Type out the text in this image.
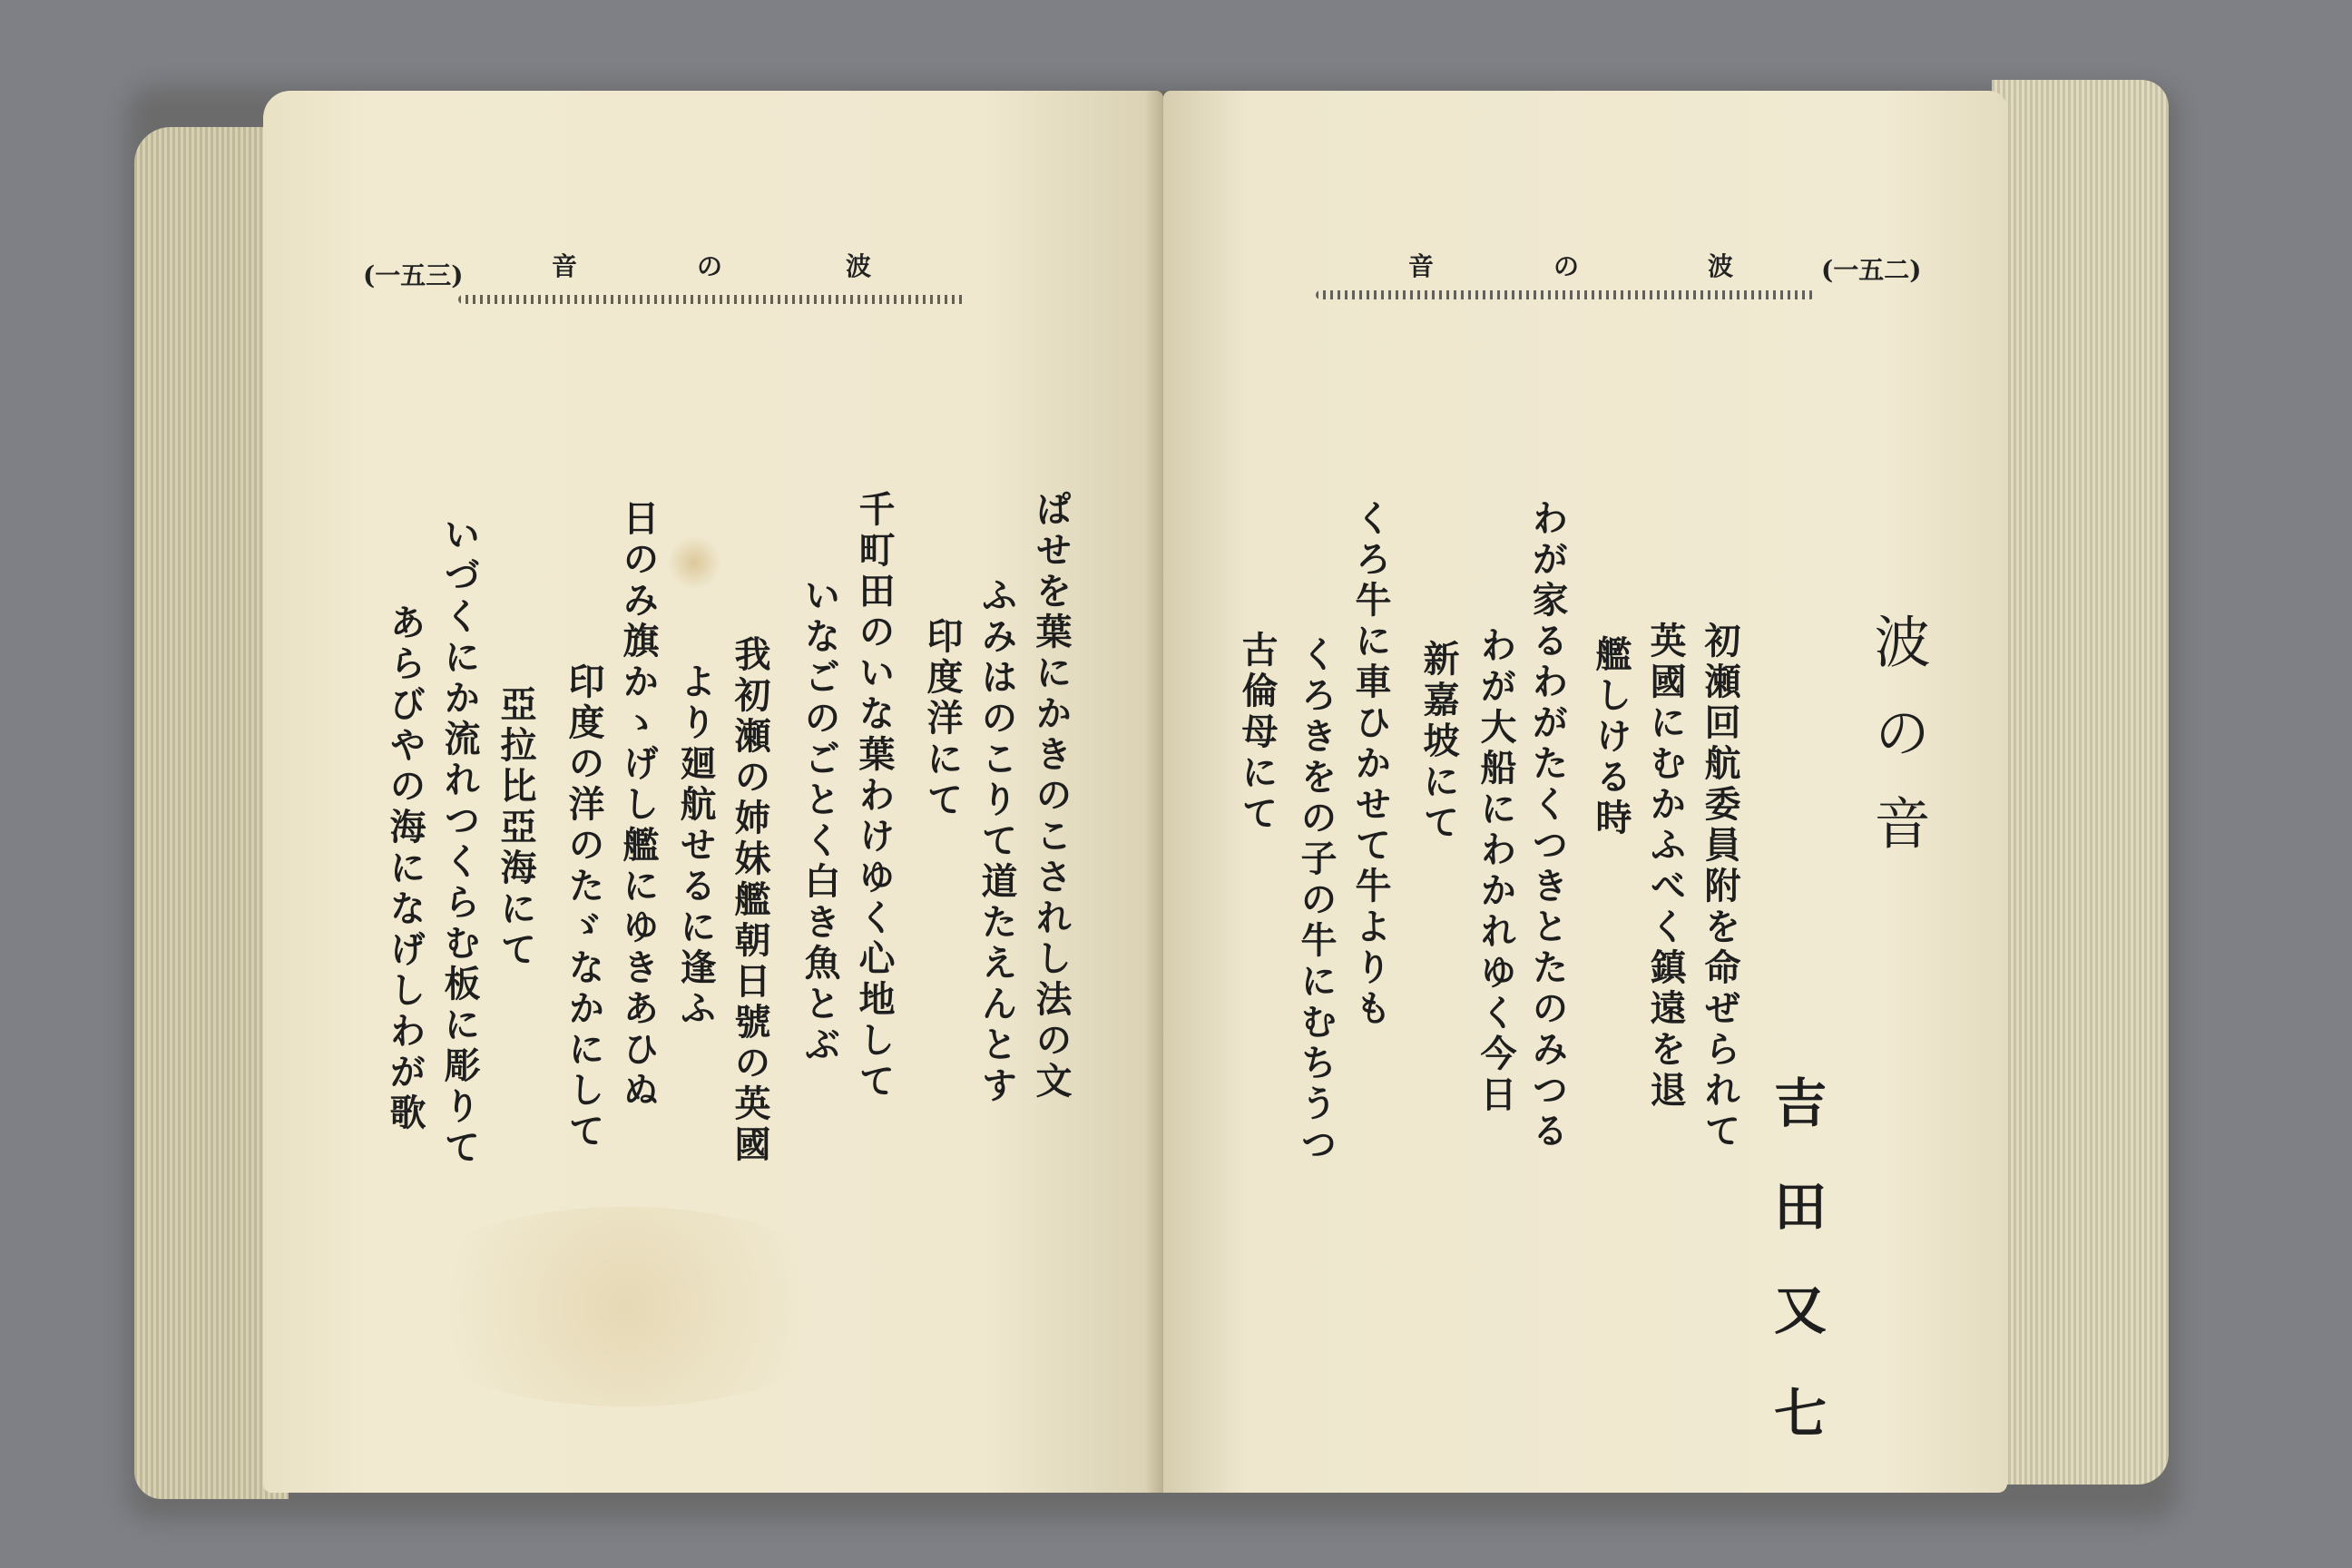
(一五三)	音	の	波
ぱせを葉にかきのこされし法の文
ふみはのこりて道たえんとす
印度洋にて
千町田のいな葉わけゆく心地して
いなごのごとく白き魚とぶ
我初瀬の姉妹艦朝日號の英國
より廻航せるに逢ふ
日のみ旗かゝげし艦にゆきあひぬ
印度の洋のたゞなかにして
亞拉比亞海にて
いづくにか流れつくらむ板に彫りて
あらびやの海になげしわが歌
(一五二)
波
の
音
波の音
初瀬回航委員附を命ぜられて
英國にむかふべく鎮遠を退
艦しける時
わが家るわがたくつきとたのみつる
わが大船にわかれゆく今日
新嘉坡にて
くろ牛に車ひかせて牛よりも
くろきをの子の牛にむちうつ
古倫母にて
吉田又七
